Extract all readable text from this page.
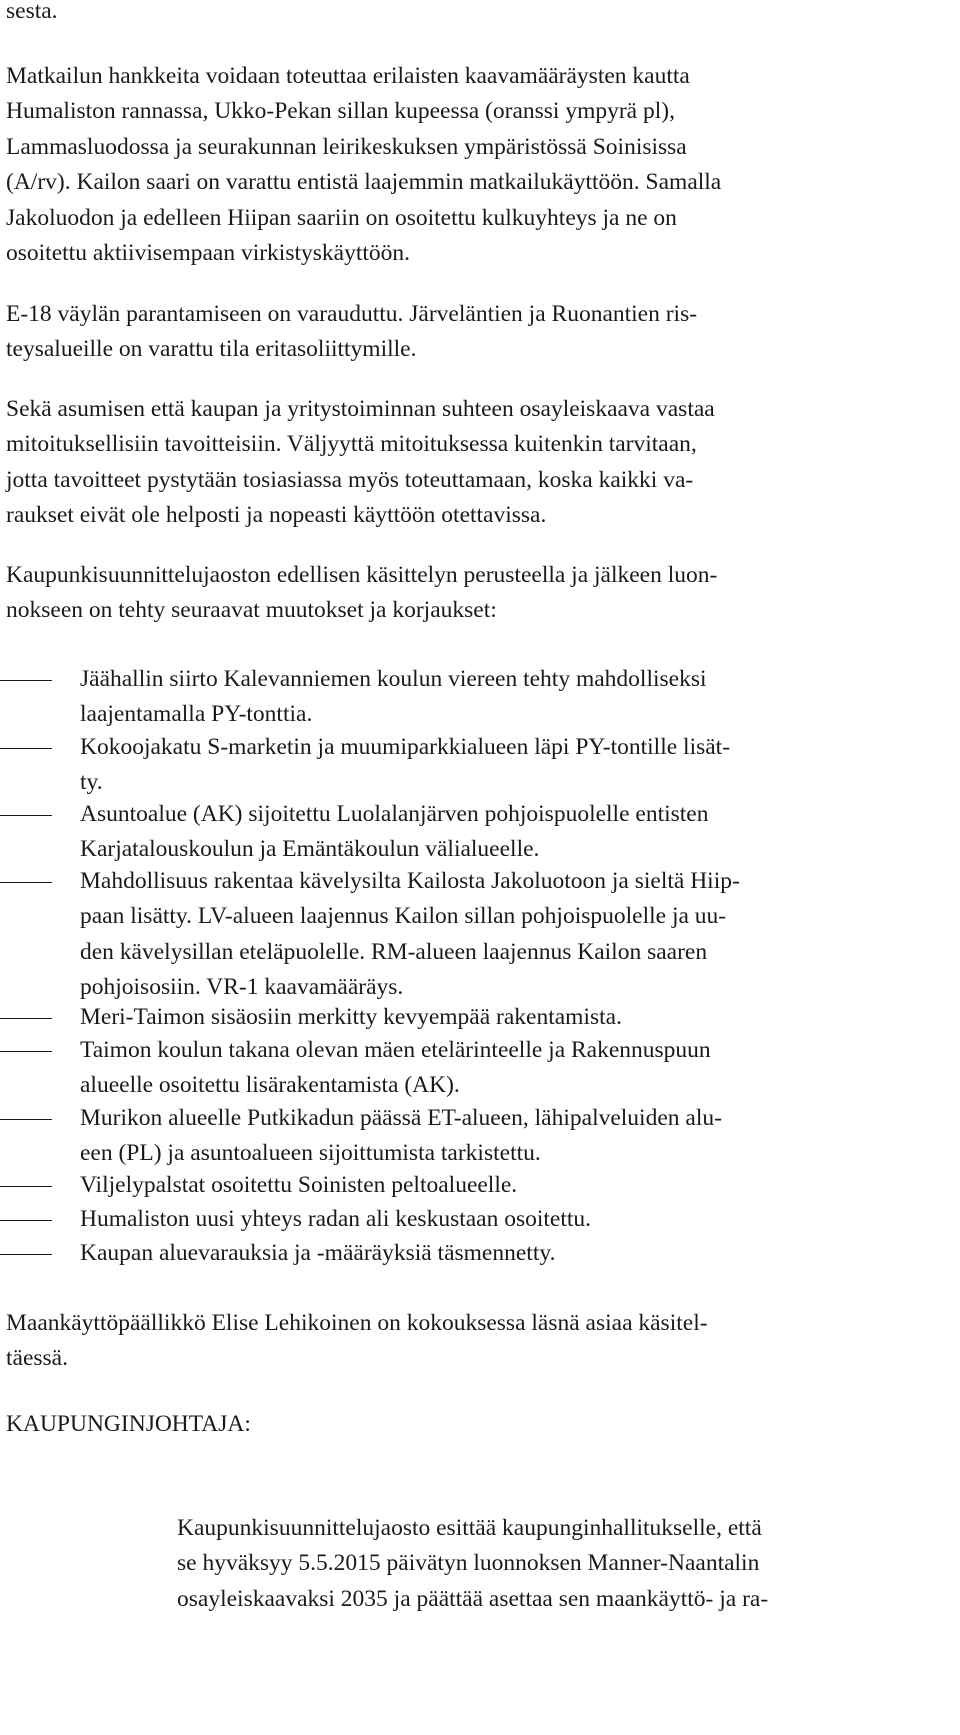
sesta.
Matkailun hankkeita voidaan toteuttaa erilaisten kaavamääräysten kautta
Humaliston rannassa, Ukko-Pekan sillan kupeessa (oranssi ympyrä pl),
Lammasluodossa ja seurakunnan leirikeskuksen ympäristössä Soinisissa
(A/rv). Kailon saari on varattu entistä laajemmin matkailukäyttöön. Samalla
Jakoluodon ja edelleen Hiipan saariin on osoitettu kulkuyhteys ja ne on
osoitettu aktiivisempaan virkistyskäyttöön.
E-18 väylän parantamiseen on varauduttu. Järveläntien ja Ruonantien ris-
teysalueille on varattu tila eritasoliittymille.
Sekä asumisen että kaupan ja yritystoiminnan suhteen osayleiskaava vastaa
mitoituksellisiin tavoitteisiin. Väljyyttä mitoituksessa kuitenkin tarvitaan,
jotta tavoitteet pystytään tosiasiassa myös toteuttamaan, koska kaikki va-
raukset eivät ole helposti ja nopeasti käyttöön otettavissa.
Kaupunkisuunnittelujaoston edellisen käsittelyn perusteella ja jälkeen luon-
nokseen on tehty seuraavat muutokset ja korjaukset:
Jäähallin siirto Kalevanniemen koulun viereen tehty mahdolliseksi
laajentamalla PY-tonttia.
Kokoojakatu S-marketin ja muumiparkkialueen läpi PY-tontille lisät-
ty.
Asuntoalue (AK) sijoitettu Luolalanjärven pohjoispuolelle entisten
Karjatalouskoulun ja Emäntäkoulun välialueelle.
Mahdollisuus rakentaa kävelysilta Kailosta Jakoluotoon ja sieltä Hiip-
paan lisätty. LV-alueen laajennus Kailon sillan pohjoispuolelle ja uu-
den kävelysillan eteläpuolelle. RM-alueen laajennus Kailon saaren
pohjoisosiin. VR-1 kaavamääräys.
Meri-Taimon sisäosiin merkitty kevyempää rakentamista.
Taimon koulun takana olevan mäen etelärinteelle ja Rakennuspuun
alueelle osoitettu lisärakentamista (AK).
Murikon alueelle Putkikadun päässä ET-alueen, lähipalveluiden alu-
een (PL) ja asuntoalueen sijoittumista tarkistettu.
Viljelypalstat osoitettu Soinisten peltoalueelle.
Humaliston uusi yhteys radan ali keskustaan osoitettu.
Kaupan aluevarauksia ja -määräyksiä täsmennetty.
Maankäyttöpäällikkö Elise Lehikoinen on kokouksessa läsnä asiaa käsitel-
täessä.
KAUPUNGINJOHTAJA:
Kaupunkisuunnittelujaosto esittää kaupunginhallitukselle, että
se hyväksyy 5.5.2015 päivätyn luonnoksen Manner-Naantalin
osayleiskaavaksi 2035 ja päättää asettaa sen maankäyttö- ja ra-
